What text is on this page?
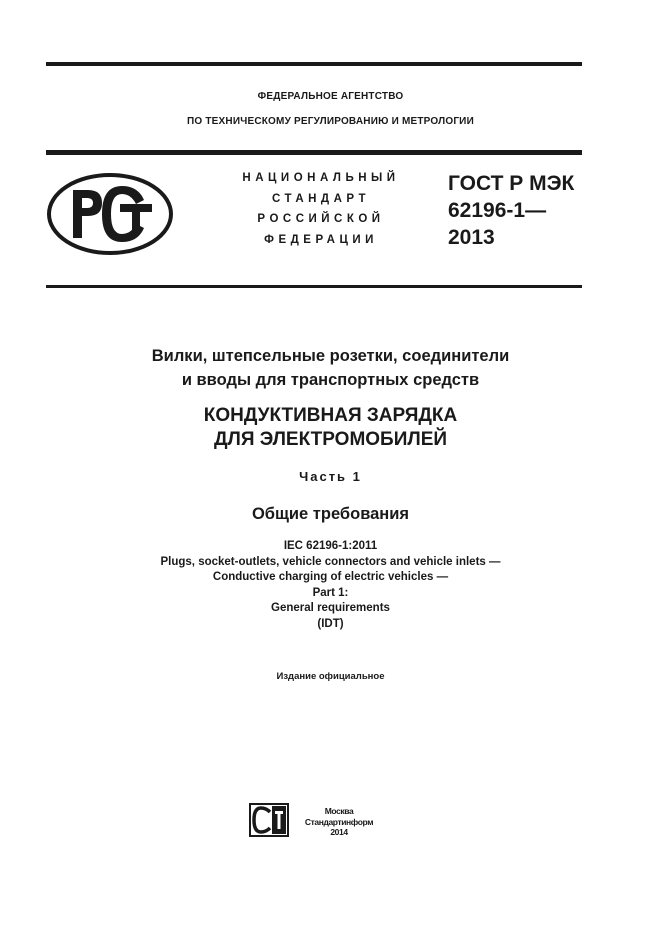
ФЕДЕРАЛЬНОЕ АГЕНТСТВО
ПО ТЕХНИЧЕСКОМУ РЕГУЛИРОВАНИЮ И МЕТРОЛОГИИ
НАЦИОНАЛЬНЫЙ
СТАНДАРТ
РОССИЙСКОЙ
ФЕДЕРАЦИИ
ГОСТ Р МЭК
62196-1—
2013
Вилки, штепсельные розетки, соединители
и вводы для транспортных средств
КОНДУКТИВНАЯ ЗАРЯДКА
ДЛЯ ЭЛЕКТРОМОБИЛЕЙ
Часть 1
Общие требования
IEC 62196-1:2011
Plugs, socket-outlets, vehicle connectors and vehicle inlets —
Conductive charging of electric vehicles —
Part 1:
General requirements
(IDT)
Издание официальное
Москва
Стандартинформ
2014
